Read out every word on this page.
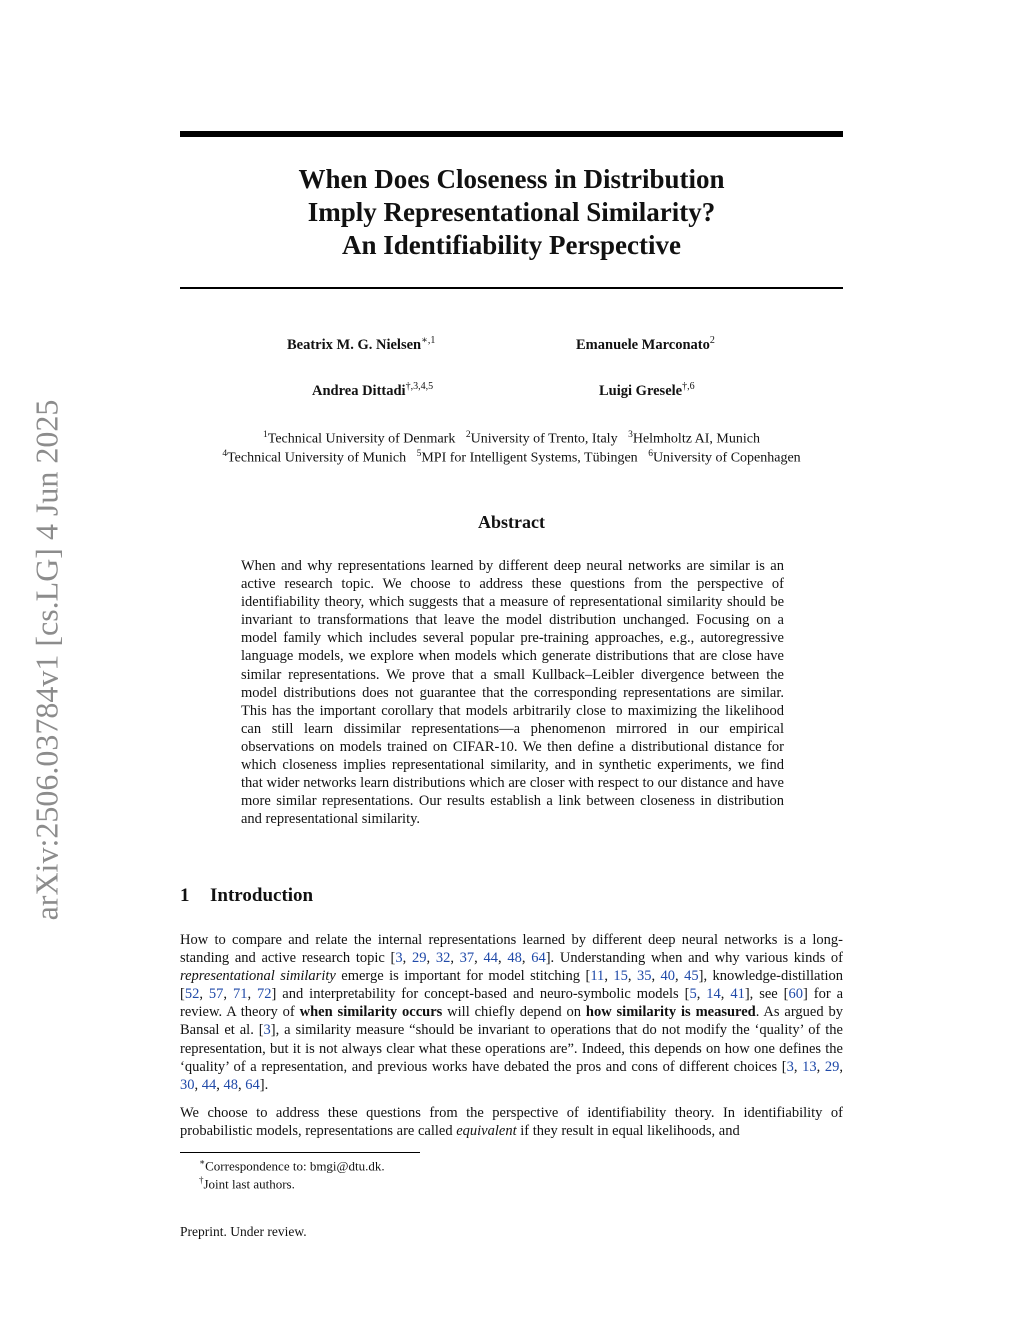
arXiv:2506.03784v1 [cs.LG] 4 Jun 2025
When Does Closeness in Distribution
Imply Representational Similarity?
An Identifiability Perspective
Beatrix M. G. Nielsen$^{∗,1}$	Emanuele Marconato$^2$
Andrea Dittadi$^{\dagger,3,4,5}$	Luigi Gresele$^{\dagger,6}$
$^1$Technical University of Denmark $^2$University of Trento, Italy $^3$Helmholtz AI, Munich
$^4$Technical University of Munich $^5$MPI for Intelligent Systems, Tübingen $^6$University of Copenhagen
Abstract
When and why representations learned by different deep neural networks are similar is an active research topic. We choose to address these questions from the perspective of identifiability theory, which suggests that a measure of representational similarity should be invariant to transformations that leave the model distribution unchanged. Focusing on a model family which includes several popular pre-training approaches, e.g., autoregressive language models, we explore when models which generate distributions that are close have similar representations. We prove that a small Kullback–Leibler divergence between the model distributions does not guarantee that the corresponding representations are similar. This has the important corollary that models arbitrarily close to maximizing the likelihood can still learn dissimilar representations—a phenomenon mirrored in our empirical observations on models trained on CIFAR-10. We then define a distributional distance for which closeness implies representational similarity, and in synthetic experiments, we find that wider networks learn distributions which are closer with respect to our distance and have more similar representations. Our results establish a link between closeness in distribution and representational similarity.
1 Introduction
How to compare and relate the internal representations learned by different deep neural networks is a long-standing and active research topic [3, 29, 32, 37, 44, 48, 64]. Understanding when and why various kinds of representational similarity emerge is important for model stitching [11, 15, 35, 40, 45], knowledge-distillation [52, 57, 71, 72] and interpretability for concept-based and neuro-symbolic models [5, 14, 41], see [60] for a review. A theory of when similarity occurs will chiefly depend on how similarity is measured. As argued by Bansal et al. [3], a similarity measure “should be invariant to operations that do not modify the ‘quality’ of the representation, but it is not always clear what these operations are”. Indeed, this depends on how one defines the ‘quality’ of a representation, and previous works have debated the pros and cons of different choices [3, 13, 29, 30, 44, 48, 64].
We choose to address these questions from the perspective of identifiability theory. In identifiability of probabilistic models, representations are called equivalent if they result in equal likelihoods, and
∗Correspondence to: bmgi@dtu.dk.
†Joint last authors.
Preprint. Under review.
